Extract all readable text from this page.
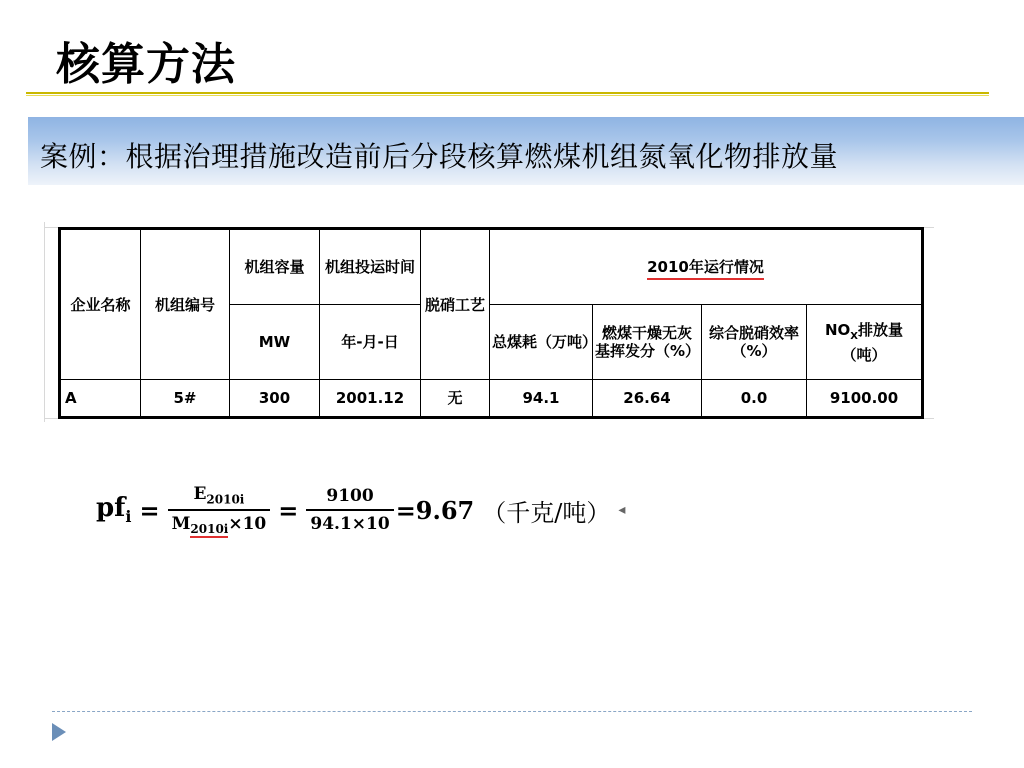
核算方法
案例：根据治理措施改造前后分段核算燃煤机组氮氧化物排放量
企业名称	机组编号	机组容量	机组投运时间	脱硝工艺	2010年运行情况			
		MW	年-月-日		总煤耗（万吨）	燃煤干燥无灰基挥发分（%）	综合脱硝效率（%）	$NO_X$排放量（吨）
A	5#	300	2001.12	无	94.1	26.64	0.0	9100.00
$pf_i = \frac{E_{2010i}}{M_{2010i}\times 10} = \frac{9100}{94.1\times 10} =9.67$ （千克/吨） ◂
